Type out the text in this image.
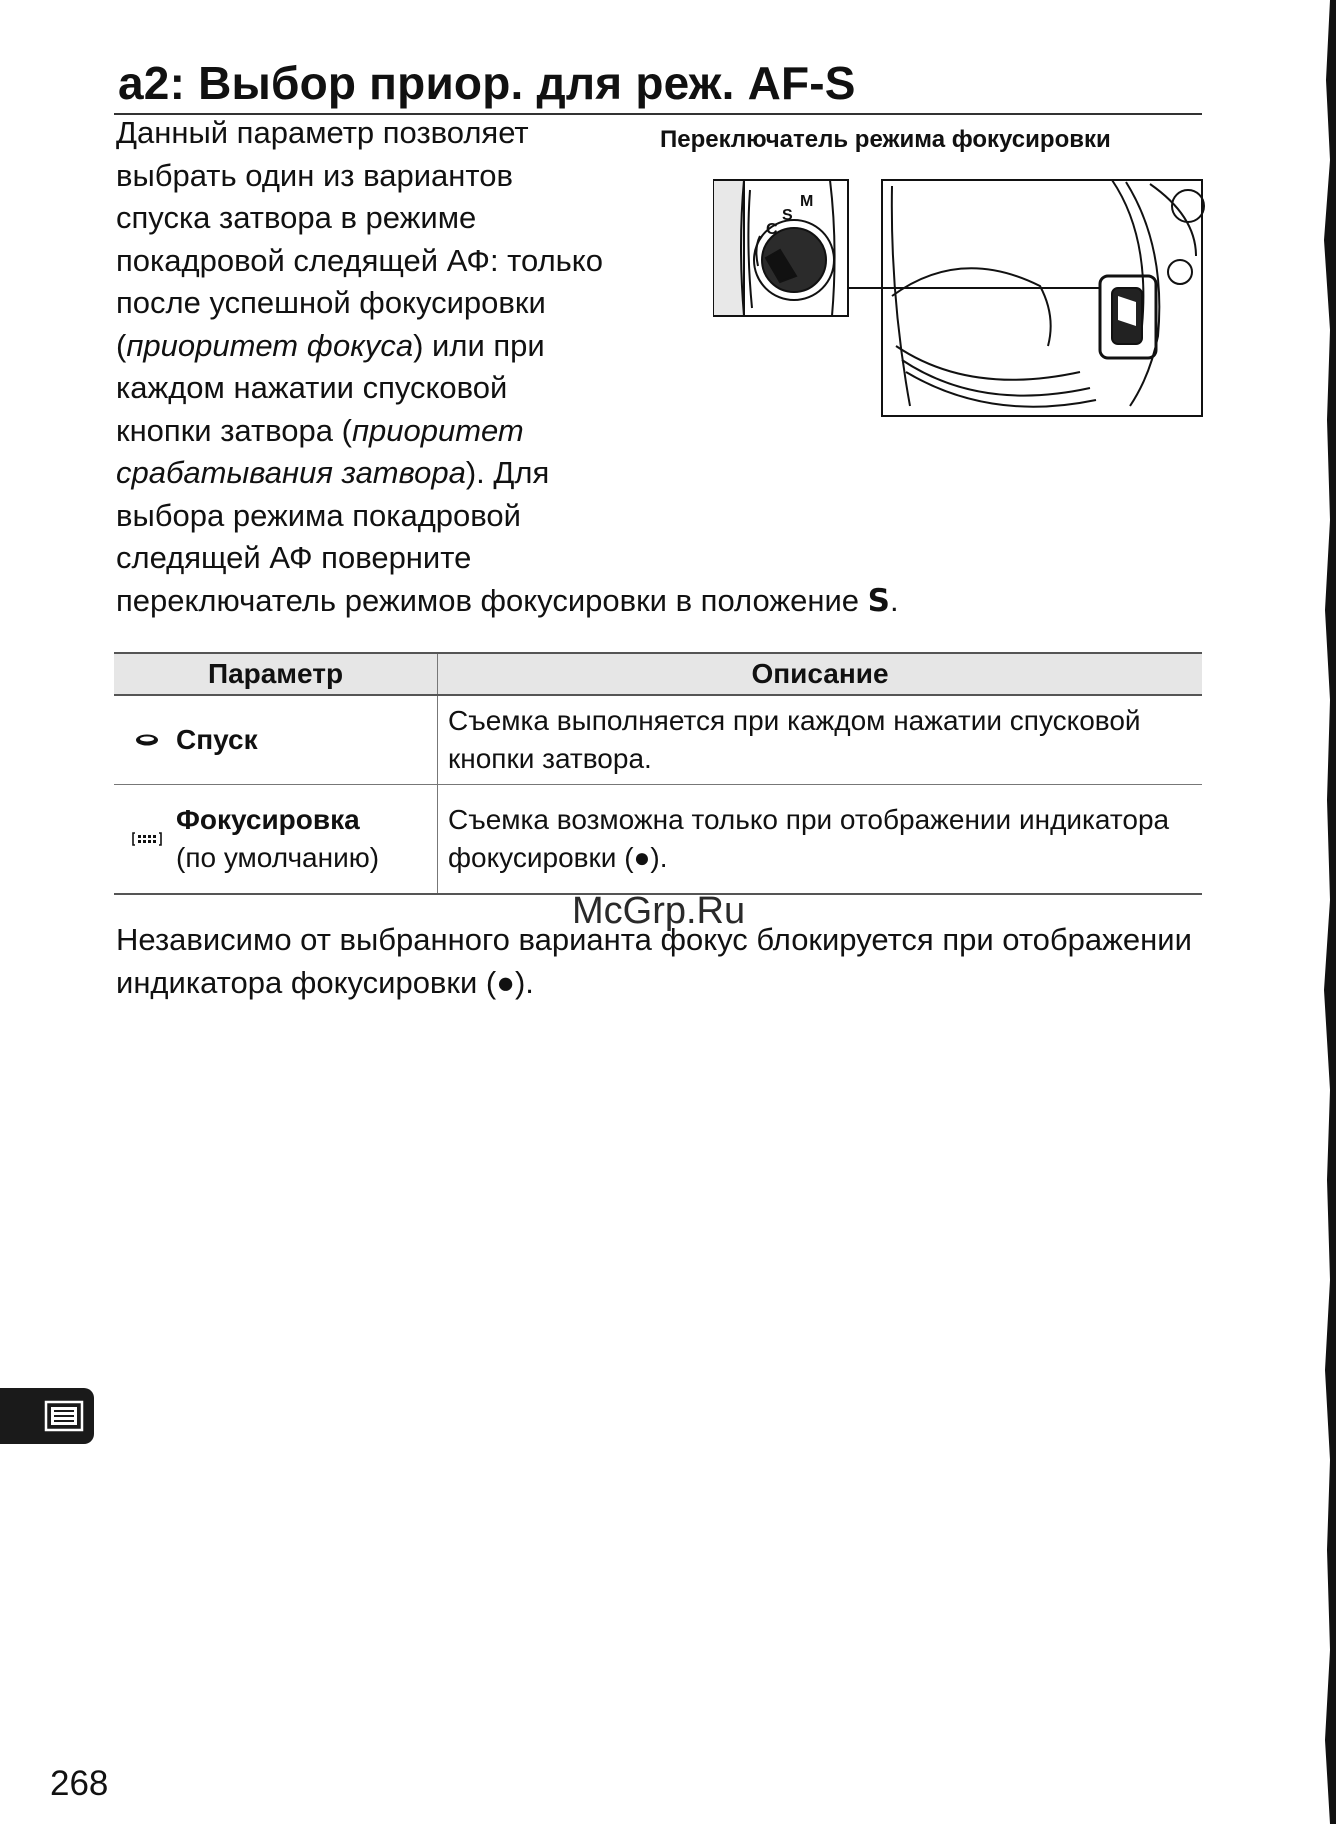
a2: Выбор приор. для реж. AF-S

Данный параметр позволяет выбрать один из вариантов спуска затвора в режиме покадровой следящей АФ: только после успешной фокусировки (приоритет фокуса) или при каждом нажатии спусковой кнопки затвора (приоритет срабатывания затвора). Для выбора режима покадровой следящей АФ поверните переключатель режимов фокусировки в положение S.

Переключатель режима фокусировки
C
S
M
Параметр	Описание

Спуск	Съемка выполняется при каждом нажатии спусковой кнопки затвора.

Фокусировка
(по умолчанию)	Съемка возможна только при отображении индикатора фокусировки (●).
McGrp.Ru

Независимо от выбранного варианта фокус блокируется при отображении индикатора фокусировки (●).

268
